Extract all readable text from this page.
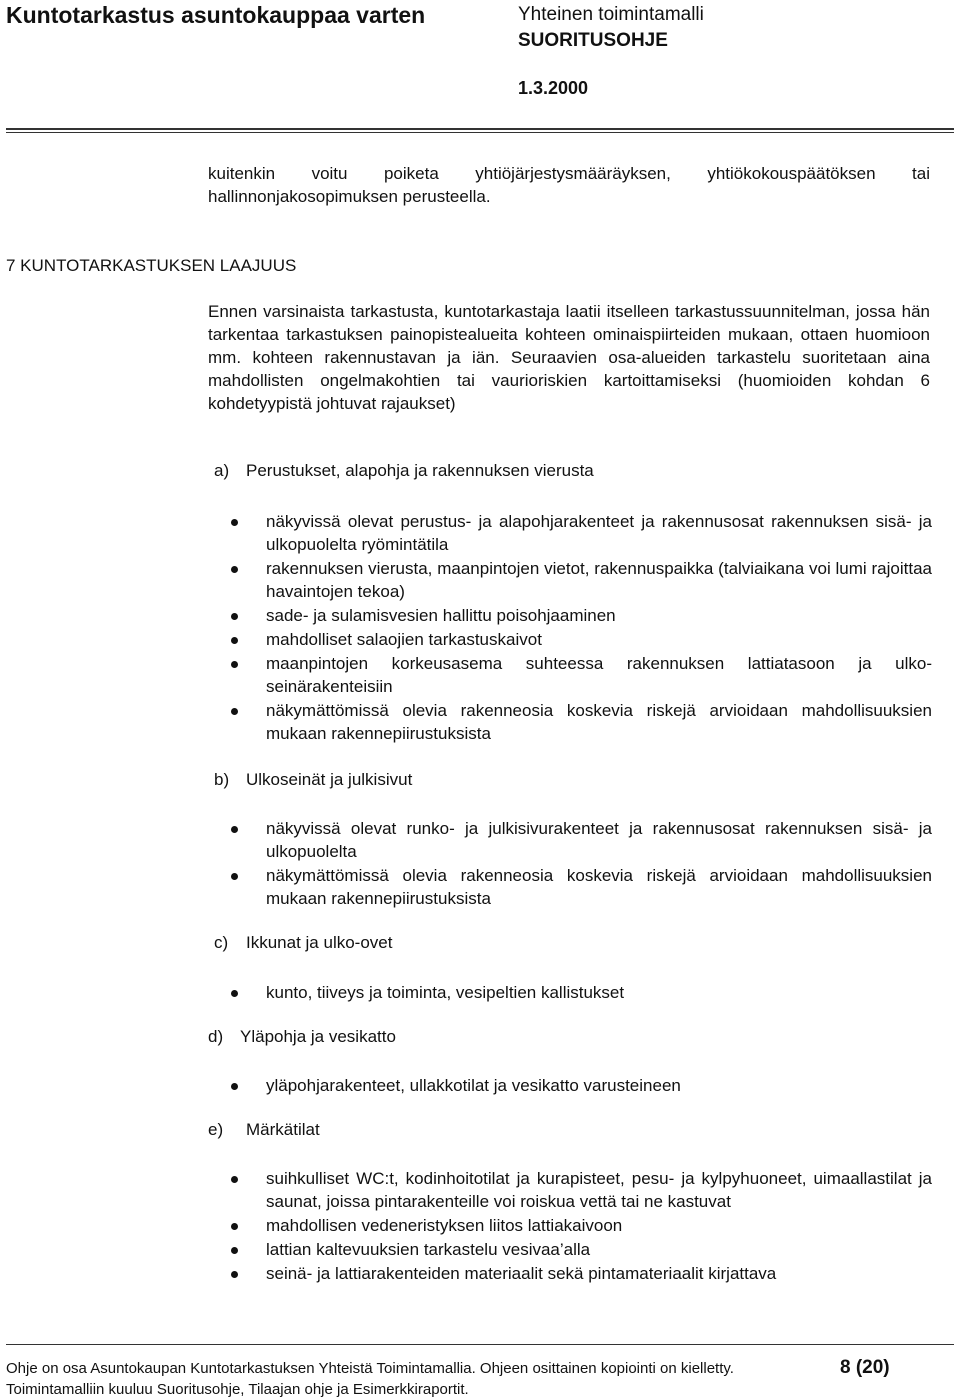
Kuntotarkastus asuntokauppaa varten	Yhteinen toimintamalli
SUORITUSOHJE
1.3.2000
kuitenkin voitu poiketa yhtiöjärjestysmääräyksen, yhtiökokouspäätöksen tai hallinnonjakosopimuksen perusteella.
7 KUNTOTARKASTUKSEN LAAJUUS
Ennen varsinaista tarkastusta, kuntotarkastaja laatii itselleen tarkastussuunnitelman, jossa hän tarkentaa tarkastuksen painopistealueita kohteen ominaispiirteiden mukaan, ottaen huomioon mm. kohteen rakennustavan ja iän. Seuraavien osa-alueiden tarkastelu suoritetaan aina mahdollisten ongelmakohtien tai vaurioriskien kartoittamiseksi (huomioiden kohdan 6 kohdetyypistä johtuvat rajaukset)
a) Perustukset, alapohja ja rakennuksen vierusta
näkyvissä olevat perustus- ja alapohjarakenteet ja rakennusosat rakennuksen sisä- ja ulkopuolelta ryömintätila
rakennuksen vierusta, maanpintojen vietot, rakennuspaikka (talviaikana voi lumi rajoittaa havaintojen tekoa)
sade- ja sulamisvesien hallittu poisohjaaminen
mahdolliset salaojien tarkastuskaivot
maanpintojen korkeusasema suhteessa rakennuksen lattiatasoon ja ulkoseinärakenteisiin
näkymättömissä olevia rakenneosia koskevia riskejä arvioidaan mahdollisuuksien mukaan rakennepiirustuksista
b) Ulkoseinät ja julkisivut
näkyvissä olevat runko- ja julkisivurakenteet ja rakennusosat rakennuksen sisä- ja ulkopuolelta
näkymättömissä olevia rakenneosia koskevia riskejä arvioidaan mahdollisuuksien mukaan rakennepiirustuksista
c) Ikkunat ja ulko-ovet
kunto, tiiveys ja toiminta, vesipeltien kallistukset
d) Yläpohja ja vesikatto
yläpohjarakenteet, ullakkotilat ja vesikatto varusteineen
e) Märkätilat
suihkulliset WC:t, kodinhoitotilat ja kurapisteet, pesu- ja kylpyhuoneet, uimaallastilat ja saunat, joissa pintarakenteille voi roiskua vettä tai ne kastuvat
mahdollisen vedeneristyksen liitos lattiakaivoon
lattian kaltevuuksien tarkastelu vesivaa’alla
seinä- ja lattiarakenteiden materiaalit sekä pintamateriaalit kirjattava
Ohje on osa Asuntokaupan Kuntotarkastuksen Yhteistä Toimintamallia. Ohjeen osittainen kopiointi on kielletty.
Toimintamalliin kuuluu Suoritusohje, Tilaajan ohje ja Esimerkkiraportit.
8 (20)
